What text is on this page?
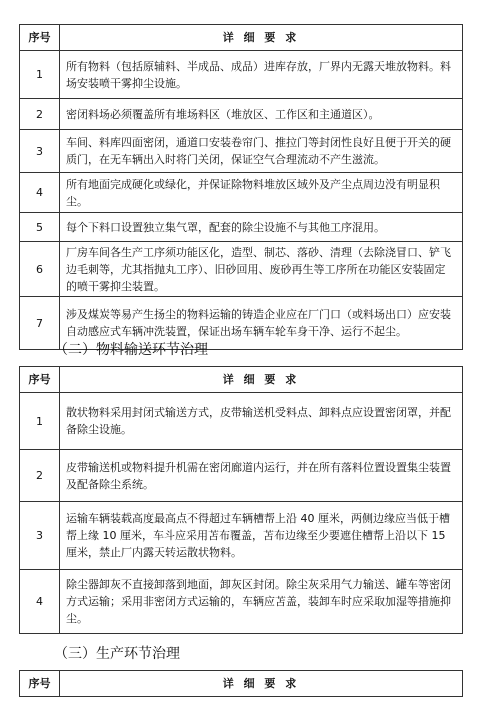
序号	详 细 要 求
1	所有物料（包括原辅料、半成品、成品）进库存放，厂界内无露天堆放物料。料场安装喷干雾抑尘设施。
2	密闭料场必须覆盖所有堆场料区（堆放区、工作区和主通道区）。
3	车间、料库四面密闭，通道口安装卷帘门、推拉门等封闭性良好且便于开关的硬质门，在无车辆出入时将门关闭，保证空气合理流动不产生滋流。
4	所有地面完成硬化或绿化，并保证除物料堆放区域外及产尘点周边没有明显积尘。
5	每个下料口设置独立集气罩，配套的除尘设施不与其他工序混用。
6	厂房车间各生产工序须功能区化，造型、制芯、落砂、清理（去除浇冒口、铲飞边毛刺等，尤其指抛丸工序）、旧砂回用、废砂再生等工序所在功能区安装固定的喷干雾抑尘装置。
7	涉及煤炭等易产生扬尘的物料运输的铸造企业应在厂门口（或料场出口）应安装自动感应式车辆冲洗装置，保证出场车辆车轮车身干净、运行不起尘。
（二）物料输送环节治理
序号	详 细 要 求
1	散状物料采用封闭式输送方式，皮带输送机受料点、卸料点应设置密闭罩，并配备除尘设施。
2	皮带输送机或物料提升机需在密闭廊道内运行，并在所有落料位置设置集尘装置及配备除尘系统。
3	运输车辆装载高度最高点不得超过车辆槽帮上沿 40 厘米，两侧边缘应当低于槽帮上缘 10 厘米，车斗应采用苫布覆盖，苫布边缘至少要遮住槽帮上沿以下 15 厘米，禁止厂内露天转运散状物料。
4	除尘器卸灰不直接卸落到地面，卸灰区封闭。除尘灰采用气力输送、罐车等密闭方式运输；采用非密闭方式运输的，车辆应苫盖，装卸车时应采取加湿等措施抑尘。
（三）生产环节治理
序号	详 细 要 求
